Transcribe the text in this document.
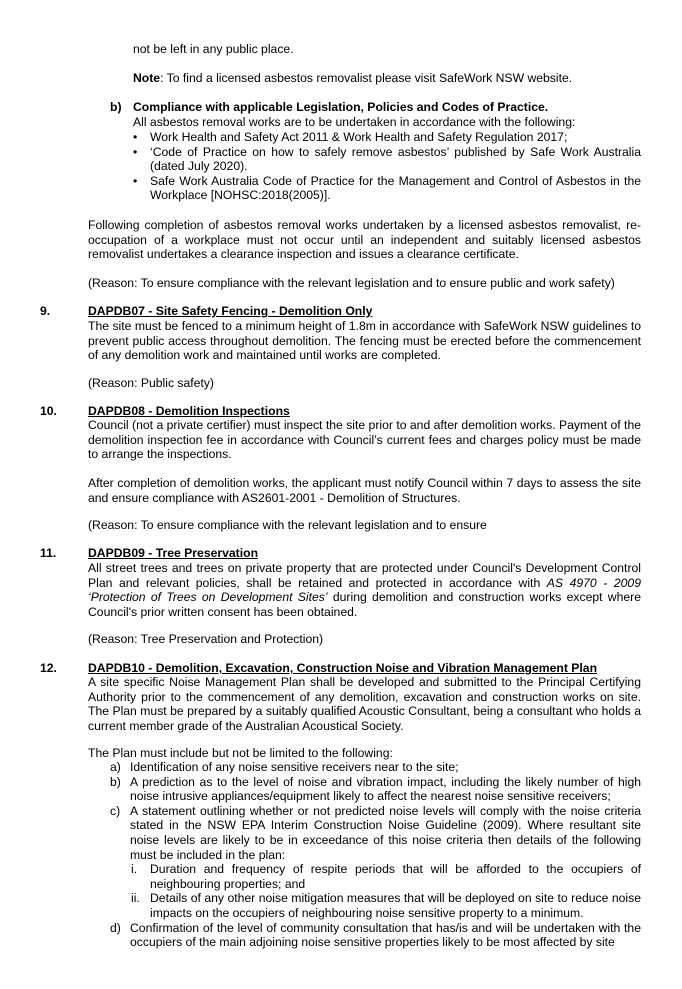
not be left in any public place.

Note: To find a licensed asbestos removalist please visit SafeWork NSW website.

b) Compliance with applicable Legislation, Policies and Codes of Practice.

All asbestos removal works are to be undertaken in accordance with the following:

• Work Health and Safety Act 2011 & Work Health and Safety Regulation 2017;
• ‘Code of Practice on how to safely remove asbestos’ published by Safe Work Australia (dated July 2020).
• Safe Work Australia Code of Practice for the Management and Control of Asbestos in the Workplace [NOHSC:2018(2005)].

Following completion of asbestos removal works undertaken by a licensed asbestos removalist, re-occupation of a workplace must not occur until an independent and suitably licensed asbestos removalist undertakes a clearance inspection and issues a clearance certificate.

(Reason: To ensure compliance with the relevant legislation and to ensure public and work safety)

9.	DAPDB07 - Site Safety Fencing - Demolition Only

The site must be fenced to a minimum height of 1.8m in accordance with SafeWork NSW guidelines to prevent public access throughout demolition. The fencing must be erected before the commencement of any demolition work and maintained until works are completed.

(Reason: Public safety)

10.	DAPDB08 - Demolition Inspections

Council (not a private certifier) must inspect the site prior to and after demolition works. Payment of the demolition inspection fee in accordance with Council’s current fees and charges policy must be made to arrange the inspections.

After completion of demolition works, the applicant must notify Council within 7 days to assess the site and ensure compliance with AS2601-2001 - Demolition of Structures.

(Reason: To ensure compliance with the relevant legislation and to ensure

11.	DAPDB09 - Tree Preservation

All street trees and trees on private property that are protected under Council's Development Control Plan and relevant policies, shall be retained and protected in accordance with AS 4970 - 2009 ‘Protection of Trees on Development Sites’ during demolition and construction works except where Council's prior written consent has been obtained.

(Reason: Tree Preservation and Protection)

12.	DAPDB10 - Demolition, Excavation, Construction Noise and Vibration Management Plan

A site specific Noise Management Plan shall be developed and submitted to the Principal Certifying Authority prior to the commencement of any demolition, excavation and construction works on site. The Plan must be prepared by a suitably qualified Acoustic Consultant, being a consultant who holds a current member grade of the Australian Acoustical Society.

The Plan must include but not be limited to the following:

a) Identification of any noise sensitive receivers near to the site;

b) A prediction as to the level of noise and vibration impact, including the likely number of high noise intrusive appliances/equipment likely to affect the nearest noise sensitive receivers;

c) A statement outlining whether or not predicted noise levels will comply with the noise criteria stated in the NSW EPA Interim Construction Noise Guideline (2009). Where resultant site noise levels are likely to be in exceedance of this noise criteria then details of the following must be included in the plan:

i. Duration and frequency of respite periods that will be afforded to the occupiers of neighbouring properties; and

ii. Details of any other noise mitigation measures that will be deployed on site to reduce noise impacts on the occupiers of neighbouring noise sensitive property to a minimum.

d) Confirmation of the level of community consultation that has/is and will be undertaken with the occupiers of the main adjoining noise sensitive properties likely to be most affected by site
